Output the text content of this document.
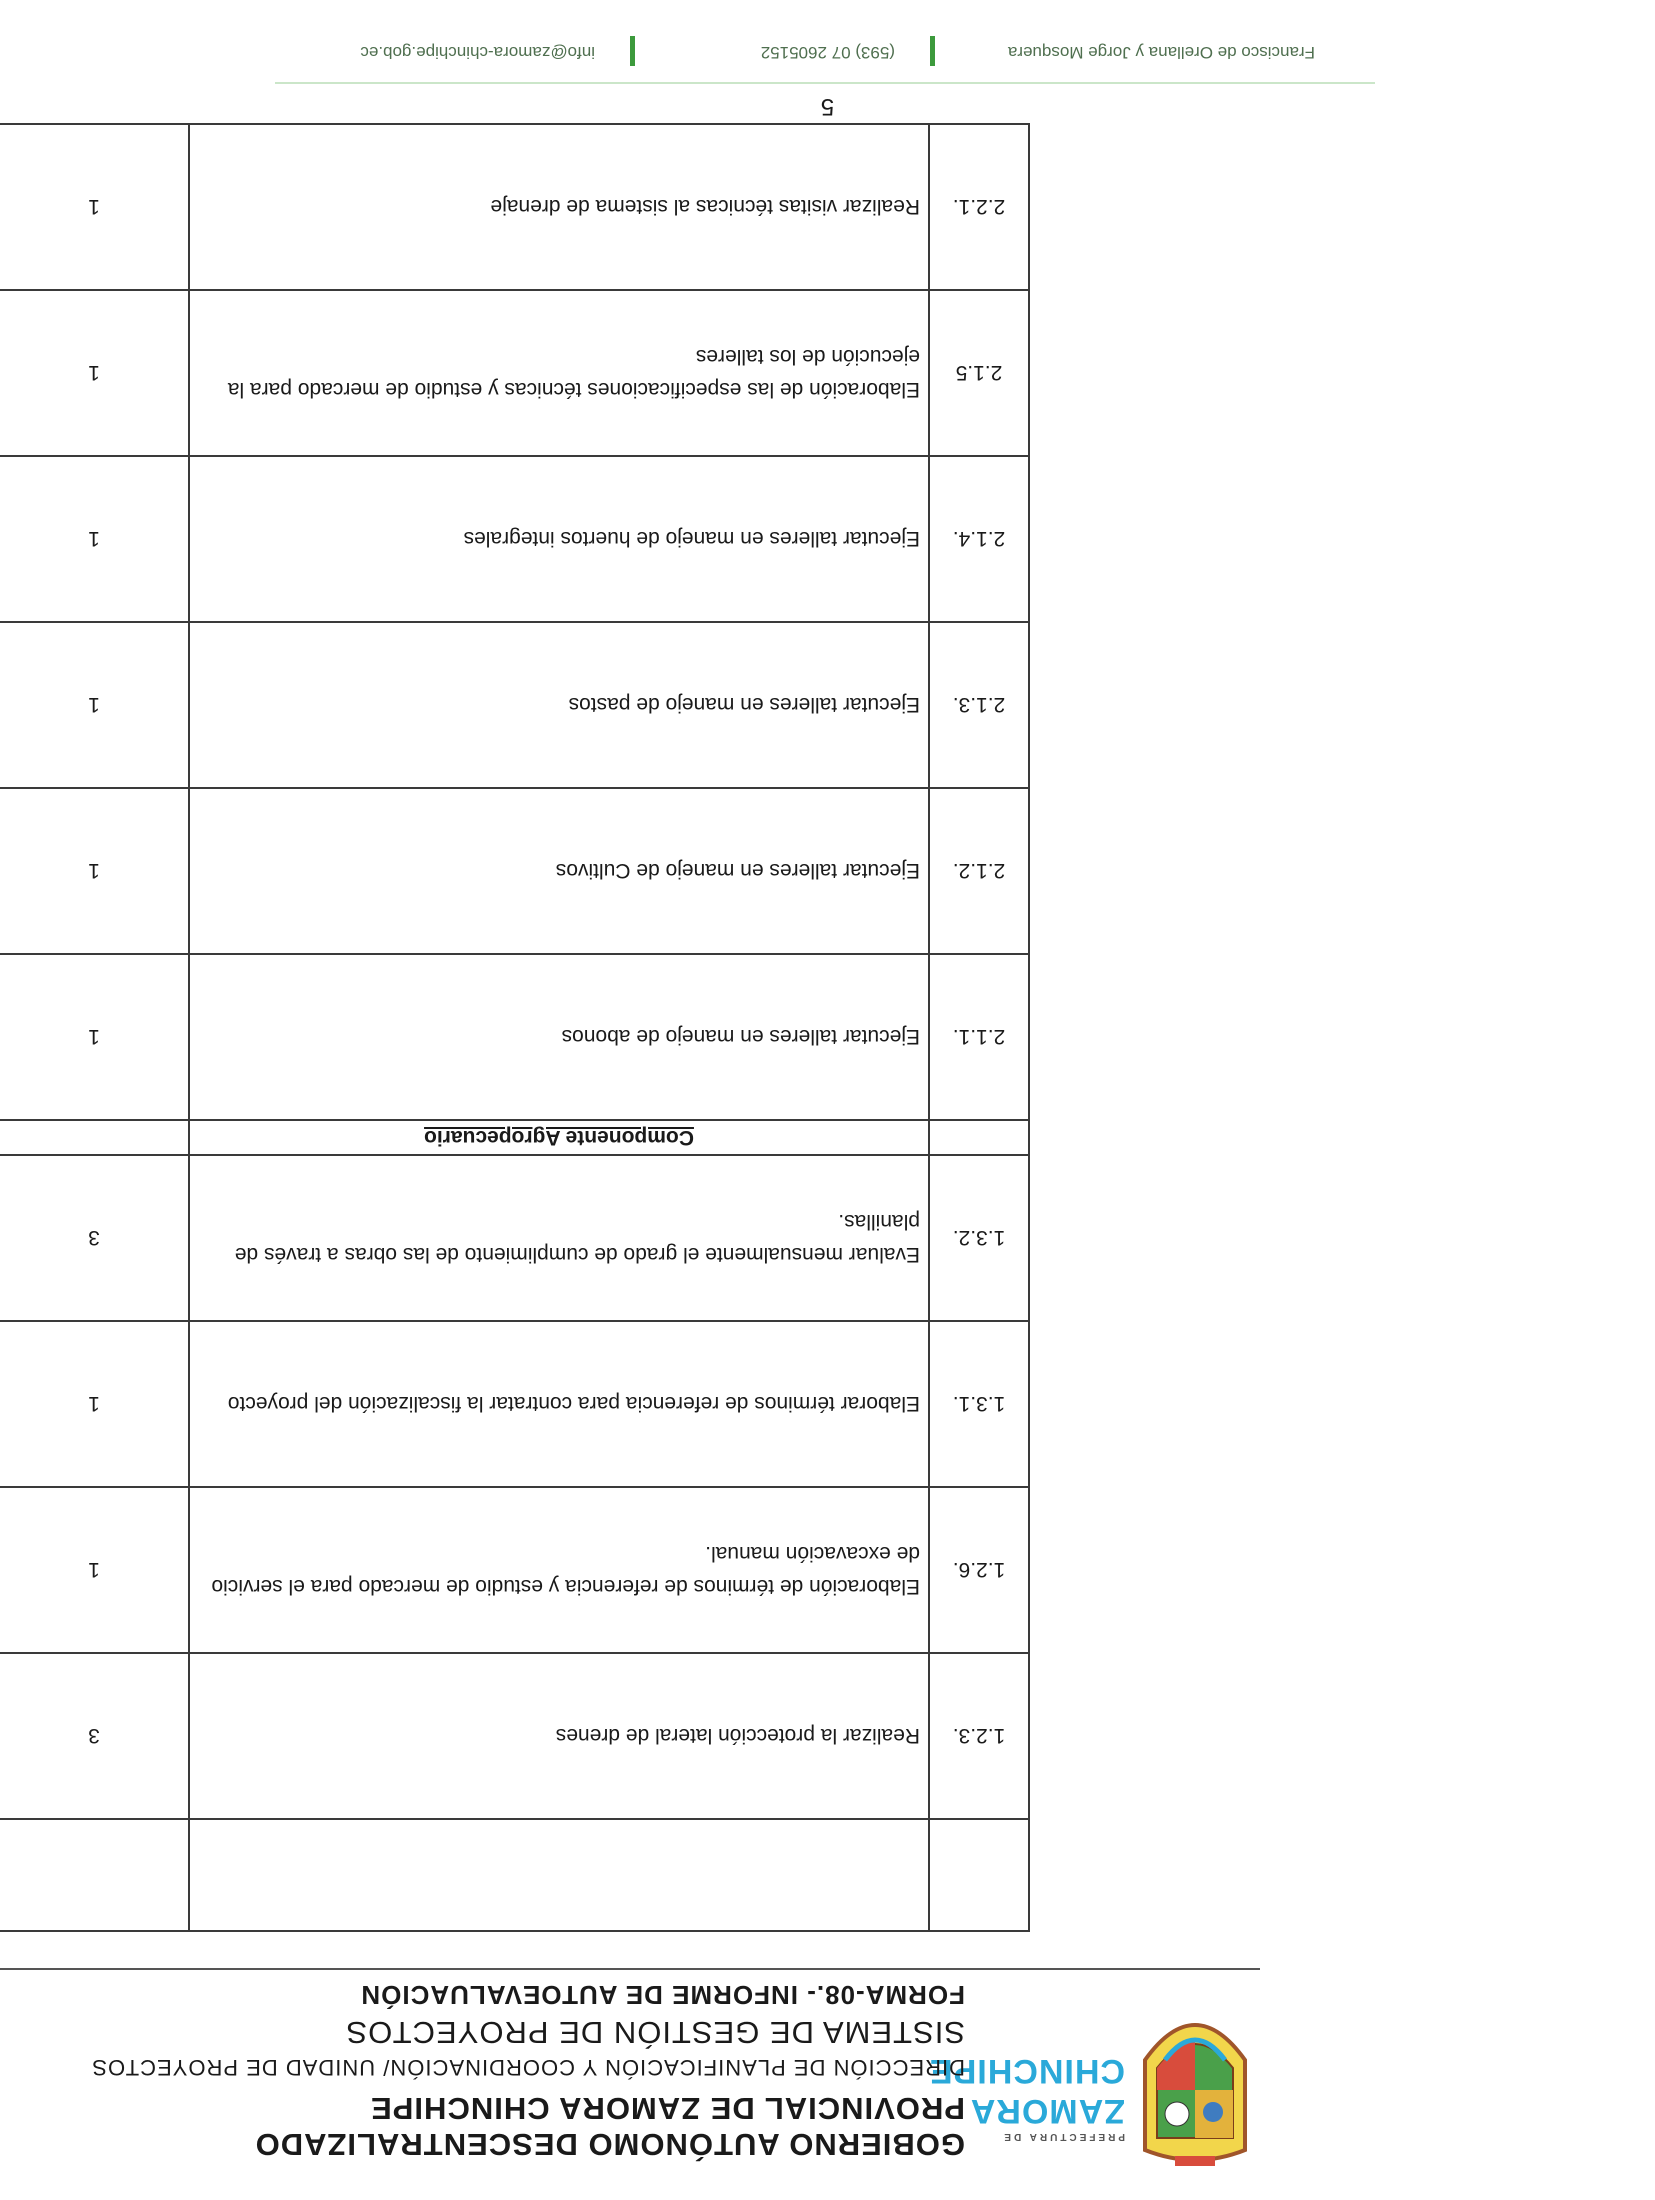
PREFECTURA DE
ZAMORA
CHINCHIPE
GOBIERNO AUTÓNOMO DESCENTRALIZADO
PROVINCIAL DE ZAMORA CHINCHIPE
DIRECCIÓN DE PLANIFICACIÓN Y COORDINACIÓN/ UNIDAD DE PROYECTOS
SISTEMA DE GESTIÓN DE PROYECTOS
FORMA-08.- INFORME DE AUTOEVALUACIÓN

1.2.3.	Realizar la protección lateral de drenes	3	
1.2.6.	Elaboración de términos de referencia y estudio de mercado para el servicio de excavación manual.	1	
1.3.1.	Elaborar términos de referencia para contratar la fiscalización del proyecto	1	
1.3.2.	Evaluar mensualmente el grado de cumplimiento de las obras a través de planillas.	3	
	Componente Agropecuario		
2.1.1.	Ejecutar talleres en manejo de abonos	1	
2.1.2.	Ejecutar talleres en manejo de Cultivos	1	
2.1.3.	Ejecutar talleres en manejo de pastos	1	
2.1.4.	Ejecutar talleres en manejo de huertos integrales	1	
2.1.5	Elaboración de las especificaciones técnicas y estudio de mercado para la ejecución de los talleres	1	
2.2.1.	Realizar visitas técnicas al sistema de drenaje	1	
5
Francisco de Orellana y Jorge Mosquera
(593) 07 2605152
info@zamora-chinchipe.gob.ec
